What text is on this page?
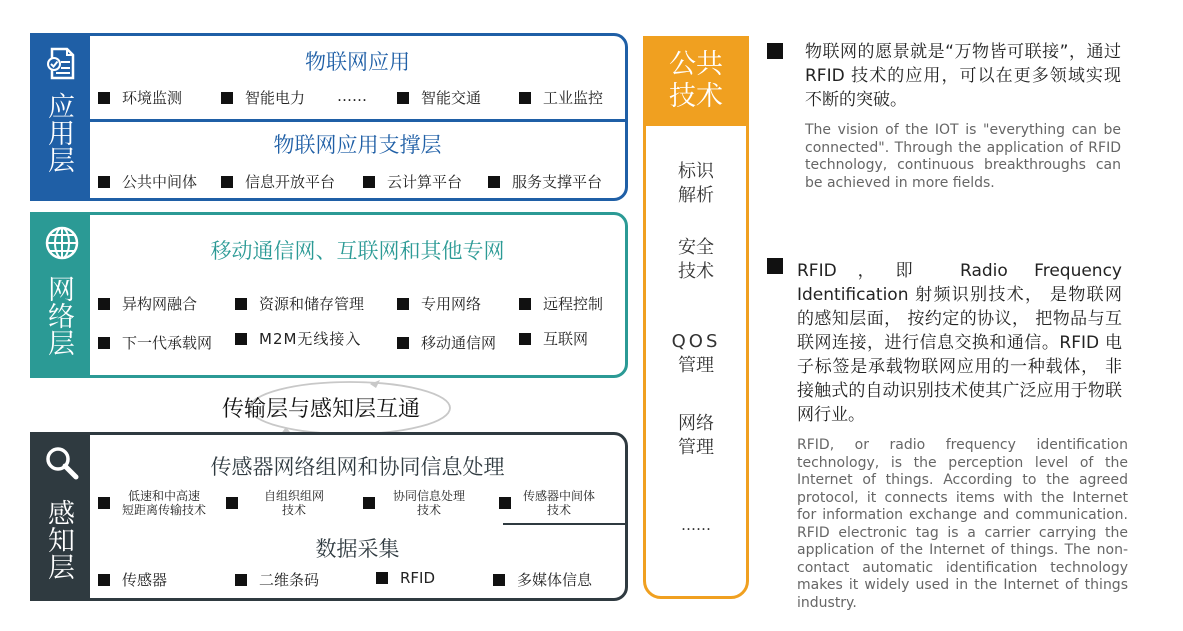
应用层
物联网应用
环境监测	智能电力 ……	智能交通	工业监控
物联网应用支撑层
公共中间体	信息开放平台	云计算平台	服务支撑平台
网络层
移动通信网、互联网和其他专网
异构网融合	资源和储存管理	专用网络	远程控制
下一代承载网	M2M无线接入	移动通信网	互联网
传输层与感知层互通
感知层
传感器网络组网和协同信息处理
低速和中高速
短距离传输技术
自组织组网
技术
协同信息处理
技术
传感器中间体
技术
数据采集
传感器	二维条码	RFID	多媒体信息
公共
技术
标识
解析
安全
技术
QOS
管理
网络
管理
……
物联网的愿景就是“万物皆可联接”，通过 RFID 技术的应用，可以在更多领域实现不断的突破。
The vision of the IOT is "everything can be connected". Through the application of RFID technology, continuous breakthroughs can be achieved in more fields.
RFID，即 Radio Frequency Identification 射频识别技术， 是物联网的感知层面， 按约定的协议， 把物品与互联网连接，进行信息交换和通信。RFID 电子标签是承载物联网应用的一种载体， 非接触式的自动识别技术使其广泛应用于物联网行业。
RFID, or radio frequency identification technology, is the perception level of the Internet of things. According to the agreed protocol, it connects items with the Internet for information exchange and communication. RFID electronic tag is a carrier carrying the application of the Internet of things. The non-contact automatic identification technology makes it widely used in the Internet of things industry.
